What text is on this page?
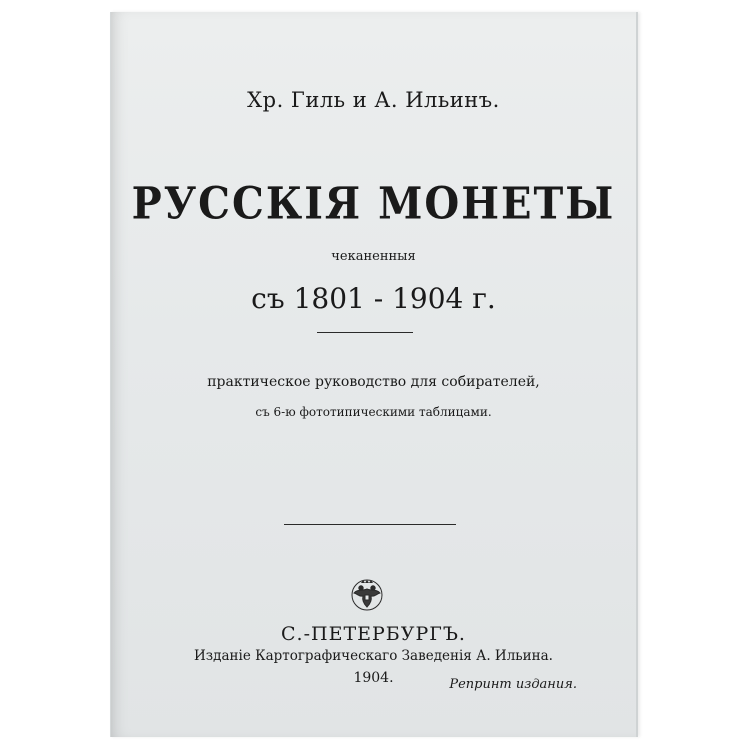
Хр. Гиль и А. Ильинъ.
РУССКІЯ МОНЕТЫ
чеканенныя
съ 1801 - 1904 г.
практическое руководство для собирателей,
съ 6-ю фототипическими таблицами.
С.-ПЕТЕРБУРГЪ.
Изданіе Картографическаго Заведенія А. Ильина.
1904.	Репринт издания.
